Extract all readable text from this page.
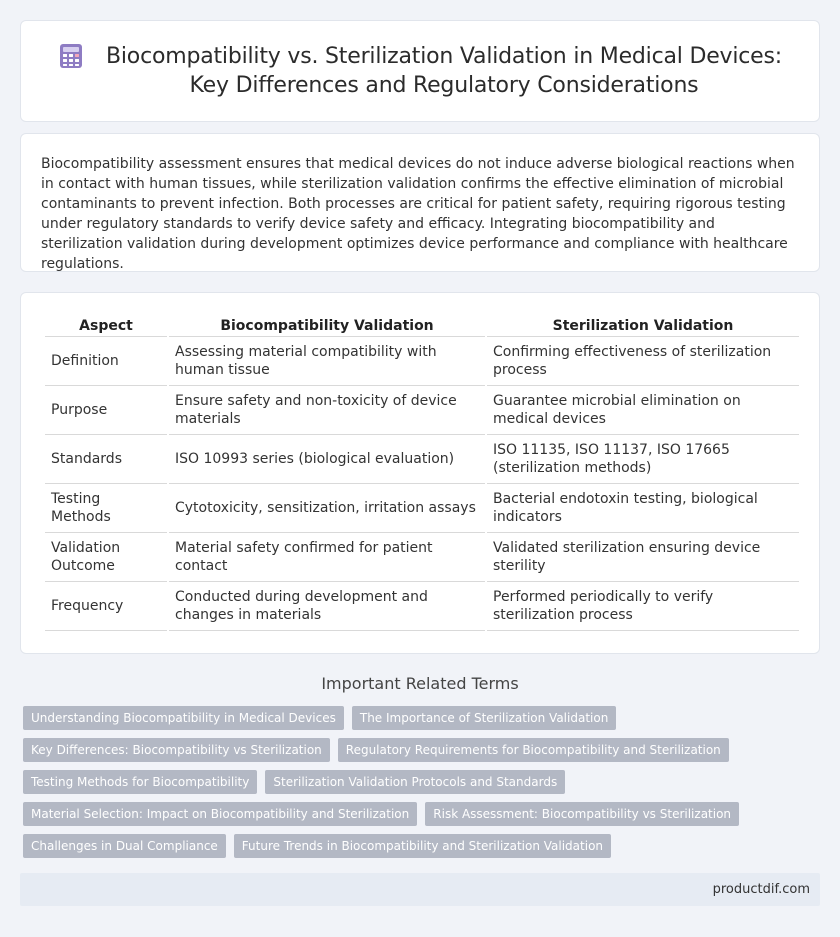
Biocompatibility vs. Sterilization Validation in Medical Devices:
Key Differences and Regulatory Considerations

Biocompatibility assessment ensures that medical devices do not induce adverse biological reactions when in contact with human tissues, while sterilization validation confirms the effective elimination of microbial contaminants to prevent infection. Both processes are critical for patient safety, requiring rigorous testing under regulatory standards to verify device safety and efficacy. Integrating biocompatibility and sterilization validation during development optimizes device performance and compliance with healthcare regulations.

Aspect	Biocompatibility Validation	Sterilization Validation
Definition	Assessing material compatibility with human tissue	Confirming effectiveness of sterilization process
Purpose	Ensure safety and non-toxicity of device materials	Guarantee microbial elimination on medical devices
Standards	ISO 10993 series (biological evaluation)	ISO 11135, ISO 11137, ISO 17665 (sterilization methods)
Testing Methods	Cytotoxicity, sensitization, irritation assays	Bacterial endotoxin testing, biological indicators
Validation Outcome	Material safety confirmed for patient contact	Validated sterilization ensuring device sterility
Frequency	Conducted during development and changes in materials	Performed periodically to verify sterilization process
Important Related Terms
Understanding Biocompatibility in Medical Devices	The Importance of Sterilization Validation
Key Differences: Biocompatibility vs Sterilization	Regulatory Requirements for Biocompatibility and Sterilization
Testing Methods for Biocompatibility	Sterilization Validation Protocols and Standards
Material Selection: Impact on Biocompatibility and Sterilization	Risk Assessment: Biocompatibility vs Sterilization
Challenges in Dual Compliance	Future Trends in Biocompatibility and Sterilization Validation
productdif.com
